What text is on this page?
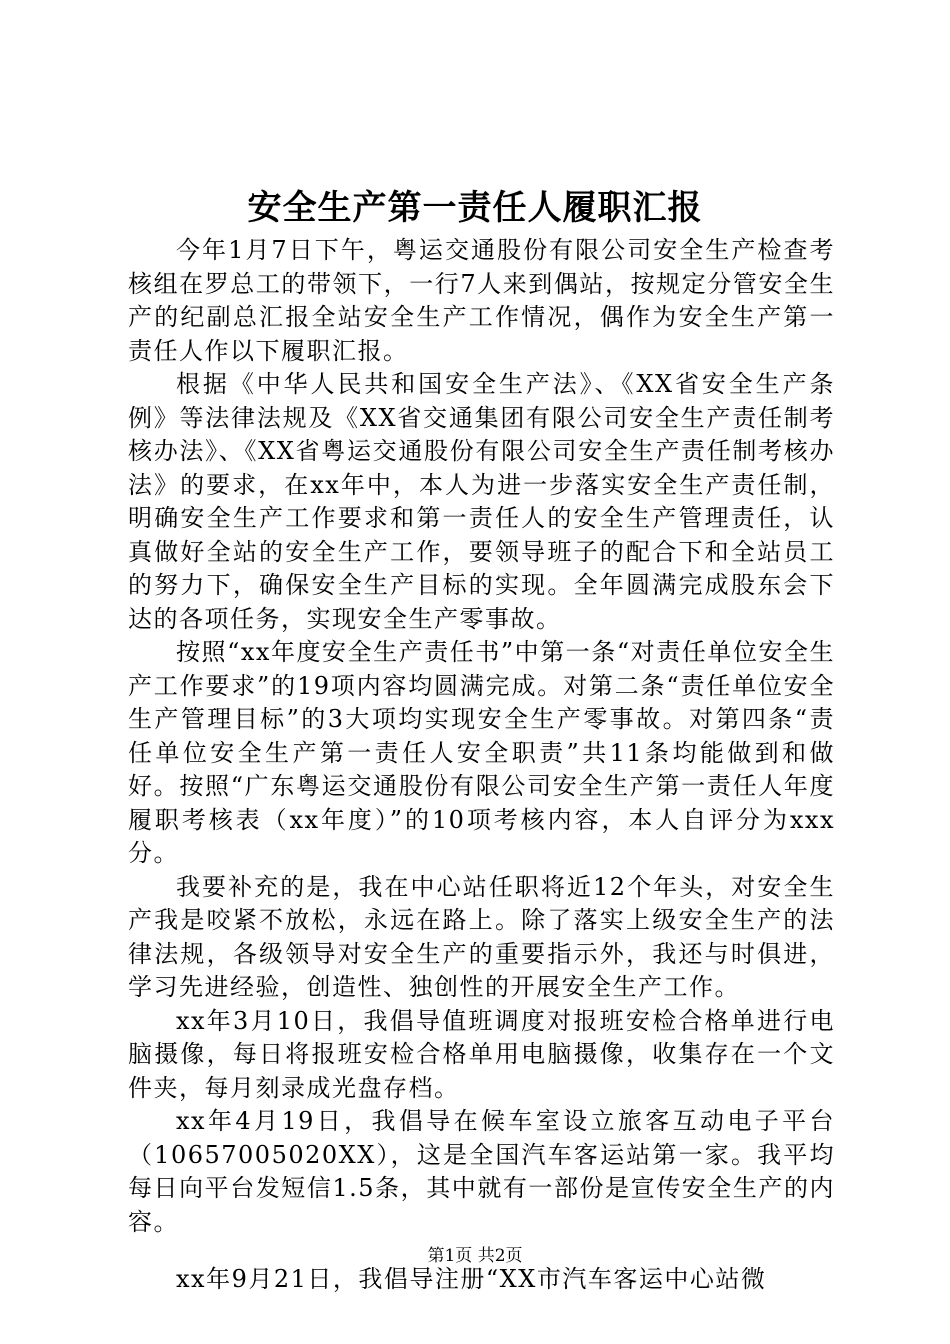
安全生产第一责任人履职汇报

今年1月7日下午，粤运交通股份有限公司安全生产检查考核组在罗总工的带领下，一行7人来到偶站，按规定分管安全生产的纪副总汇报全站安全生产工作情况，偶作为安全生产第一责任人作以下履职汇报。

根据《中华人民共和国安全生产法》、《XX省安全生产条例》等法律法规及《XX省交通集团有限公司安全生产责任制考核办法》、《XX省粤运交通股份有限公司安全生产责任制考核办法》的要求，在xx年中，本人为进一步落实安全生产责任制，明确安全生产工作要求和第一责任人的安全生产管理责任，认真做好全站的安全生产工作，要领导班子的配合下和全站员工的努力下，确保安全生产目标的实现。全年圆满完成股东会下达的各项任务，实现安全生产零事故。

按照“xx年度安全生产责任书”中第一条“对责任单位安全生产工作要求”的19项内容均圆满完成。对第二条“责任单位安全生产管理目标”的3大项均实现安全生产零事故。对第四条“责任单位安全生产第一责任人安全职责”共11条均能做到和做好。按照“广东粤运交通股份有限公司安全生产第一责任人年度履职考核表（xx年度）”的10项考核内容，本人自评分为xxx分。

我要补充的是，我在中心站任职将近12个年头，对安全生产我是咬紧不放松，永远在路上。除了落实上级安全生产的法律法规，各级领导对安全生产的重要指示外，我还与时俱进，学习先进经验，创造性、独创性的开展安全生产工作。

xx年3月10日，我倡导值班调度对报班安检合格单进行电脑摄像，每日将报班安检合格单用电脑摄像，收集存在一个文件夹，每月刻录成光盘存档。

xx年4月19日，我倡导在候车室设立旅客互动电子平台（10657005020XX），这是全国汽车客运站第一家。我平均每日向平台发短信1.5条，其中就有一部份是宣传安全生产的内容。

xx年9月21日，我倡导注册“XX市汽车客运中心站微

第1页 共2页
